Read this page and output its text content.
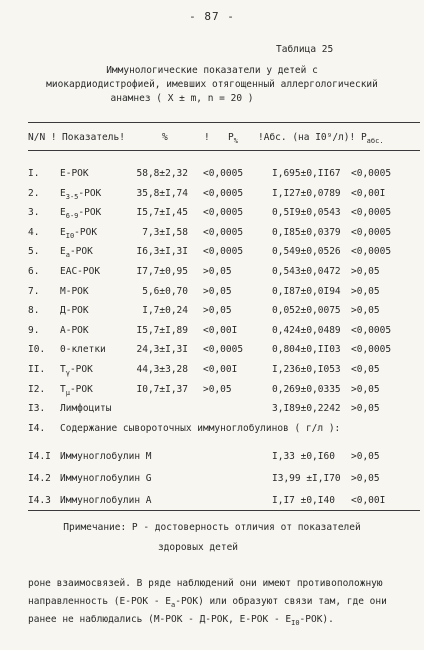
- 87 -
Таблица 25
Иммунологические показатели у детей с
миокардиодистрофией, имевших отягощенный аллергологический
анамнез ( X ± m, n = 20 )
N/N ! Показатель!	%	! $P_{\%}$ !Абс. (на I0⁹/л)! $P_{абс.}$
I. Е-РОК	58,8±2,32 <0,0005	I,695±0,II67 <0,0005
2. $Е_{3-5}$-РОК	35,8±I,74 <0,0005	I,I27±0,0789 <0,00I
3. $Е_{6-9}$-РОК	I5,7±I,45 <0,0005	0,5I9±0,0543 <0,0005
4. $Е_{I0}$-РОК	7,3±I,58 <0,0005	0,I85±0,0379 <0,0005
5. $Е_а$-РОК	I6,3±I,3I <0,0005	0,549±0,0526 <0,0005
6. ЕАС-РОК	I7,7±0,95 >0,05	0,543±0,0472 >0,05
7. М-РОК	5,6±0,70 >0,05	0,I87±0,0I94 >0,05
8. Д-РОК	I,7±0,24 >0,05	0,052±0,0075 >0,05
9. А-РОК	I5,7±I,89 <0,00I	0,424±0,0489 <0,0005
I0. 0-клетки	24,3±I,3I <0,0005	0,804±0,II03 <0,0005
II. $Т_\gamma$-РОК	44,3±3,28 <0,00I	I,236±0,I053 <0,05
I2. $Т_\mu$-РОК	I0,7±I,37 >0,05	0,269±0,0335 >0,05
I3. Лимфоциты	3,I89±0,2242 >0,05
I4. Содержание сывороточных иммуноглобулинов ( г/л ):
I4.I Иммуноглобулин М	I,33 ±0,I60 >0,05
I4.2 Иммуноглобулин G	I3,99 ±I,I70 >0,05
I4.3 Иммуноглобулин А	I,I7 ±0,I40 <0,00I
Примечание: Р - достоверность отличия от показателей
здоровых детей
роне взаимосвязей. В ряде наблюдений они имеют противоположную
направленность $(Е-РОК - Е_а-РОК)$ или образуют связи там, где они
ранее не наблюдались (М-РОК - Д-РОК, $Е-РОК - Е_{I0}-РОК$).
